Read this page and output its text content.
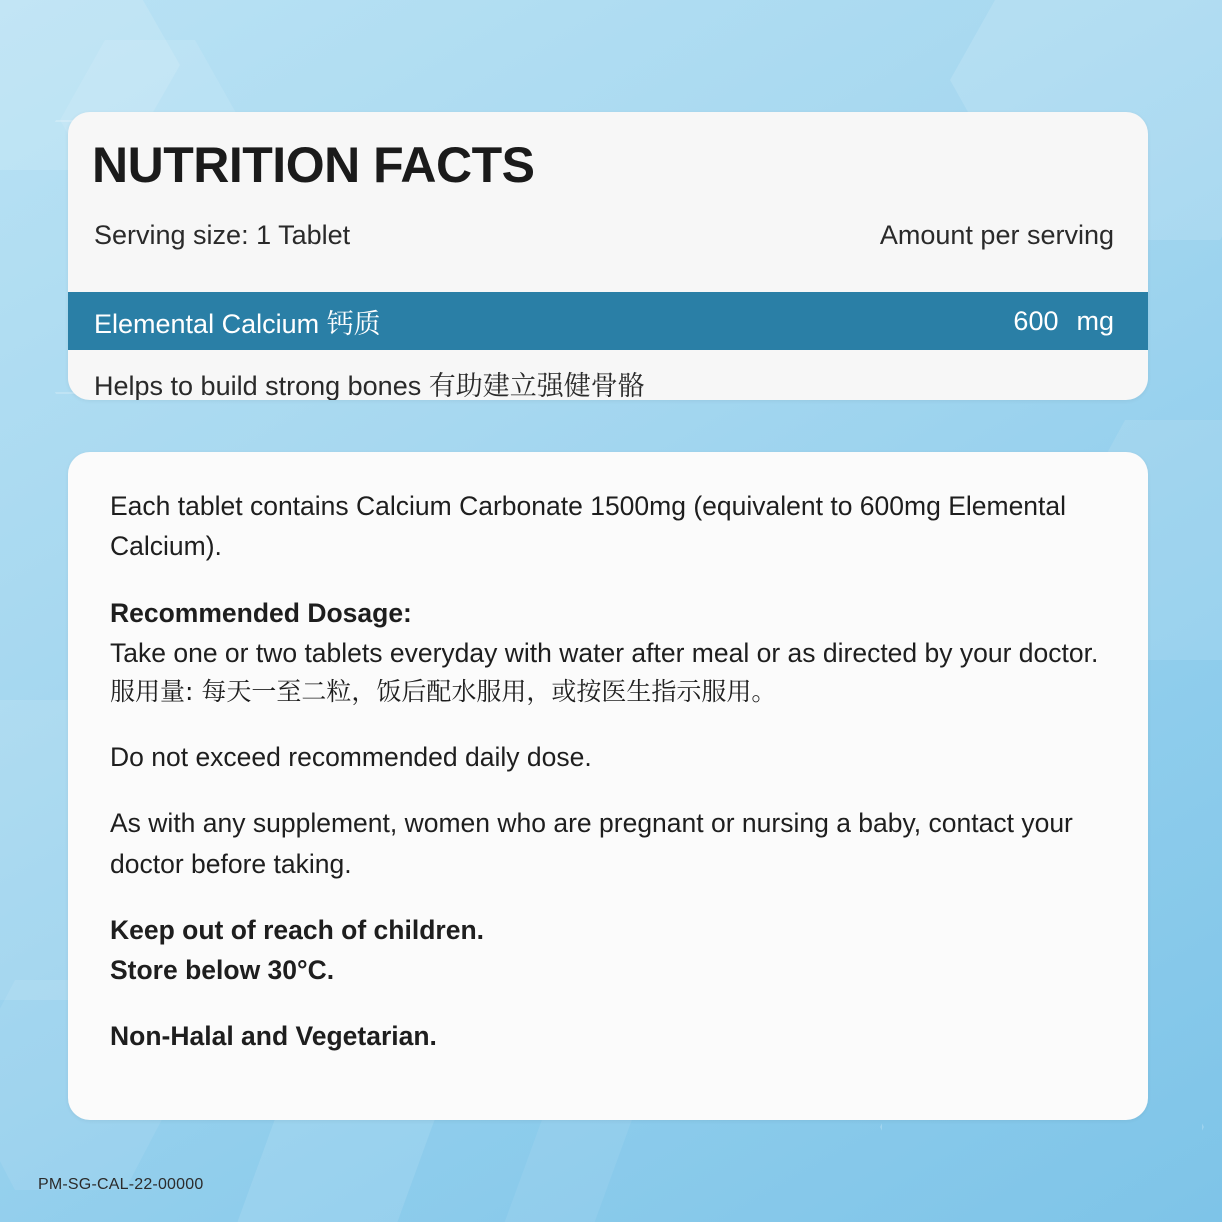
NUTRITION FACTS
Serving size: 1 Tablet	Amount per serving
Elemental Calcium 钙质	600 mg
Helps to build strong bones 有助建立强健骨骼

Each tablet contains Calcium Carbonate 1500mg (equivalent to 600mg Elemental Calcium).

Recommended Dosage:

Take one or two tablets everyday with water after meal or as directed by your doctor.

服用量: 每天一至二粒，饭后配水服用，或按医生指示服用。

Do not exceed recommended daily dose.

As with any supplement, women who are pregnant or nursing a baby, contact your doctor before taking.

Keep out of reach of children.

Store below 30°C.

Non-Halal and Vegetarian.

PM-SG-CAL-22-00000
